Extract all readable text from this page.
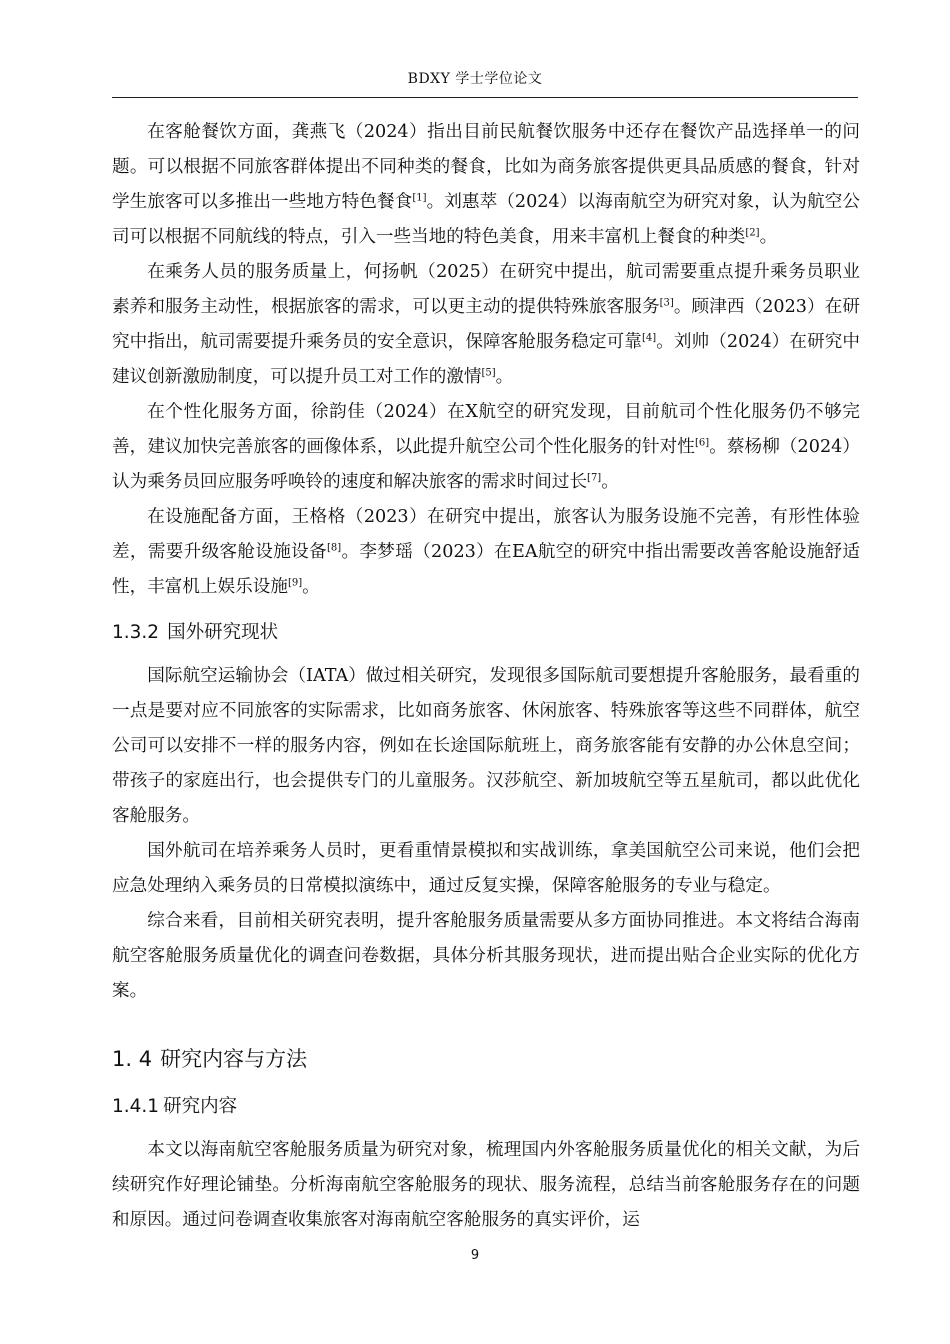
BDXY 学士学位论文

在客舱餐饮方面，龚燕飞（2024）指出目前民航餐饮服务中还存在餐饮产品选择单一的问题。可以根据不同旅客群体提出不同种类的餐食，比如为商务旅客提供更具品质感的餐食，针对学生旅客可以多推出一些地方特色餐食[1]。刘惠萃（2024）以海南航空为研究对象，认为航空公司可以根据不同航线的特点，引入一些当地的特色美食，用来丰富机上餐食的种类[2]。

在乘务人员的服务质量上，何扬帆（2025）在研究中提出，航司需要重点提升乘务员职业素养和服务主动性，根据旅客的需求，可以更主动的提供特殊旅客服务[3]。顾津西（2023）在研究中指出，航司需要提升乘务员的安全意识，保障客舱服务稳定可靠[4]。刘帅（2024）在研究中建议创新激励制度，可以提升员工对工作的激情[5]。

在个性化服务方面，徐韵佳（2024）在X航空的研究发现，目前航司个性化服务仍不够完善，建议加快完善旅客的画像体系，以此提升航空公司个性化服务的针对性[6]。蔡杨柳（2024）认为乘务员回应服务呼唤铃的速度和解决旅客的需求时间过长[7]。

在设施配备方面，王格格（2023）在研究中提出，旅客认为服务设施不完善，有形性体验差，需要升级客舱设施设备[8]。李梦瑶（2023）在EA航空的研究中指出需要改善客舱设施舒适性，丰富机上娱乐设施[9]。

1.3.2 国外研究现状

国际航空运输协会（IATA）做过相关研究，发现很多国际航司要想提升客舱服务，最看重的一点是要对应不同旅客的实际需求，比如商务旅客、休闲旅客、特殊旅客等这些不同群体，航空公司可以安排不一样的服务内容，例如在长途国际航班上，商务旅客能有安静的办公休息空间；带孩子的家庭出行，也会提供专门的儿童服务。汉莎航空、新加坡航空等五星航司，都以此优化客舱服务。

国外航司在培养乘务人员时，更看重情景模拟和实战训练，拿美国航空公司来说，他们会把应急处理纳入乘务员的日常模拟演练中，通过反复实操，保障客舱服务的专业与稳定。

综合来看，目前相关研究表明，提升客舱服务质量需要从多方面协同推进。本文将结合海南航空客舱服务质量优化的调查问卷数据，具体分析其服务现状，进而提出贴合企业实际的优化方案。

1. 4 研究内容与方法
1.4.1 研究内容

本文以海南航空客舱服务质量为研究对象，梳理国内外客舱服务质量优化的相关文献，为后续研究作好理论铺垫。分析海南航空客舱服务的现状、服务流程，总结当前客舱服务存在的问题和原因。通过问卷调查收集旅客对海南航空客舱服务的真实评价，运

9
